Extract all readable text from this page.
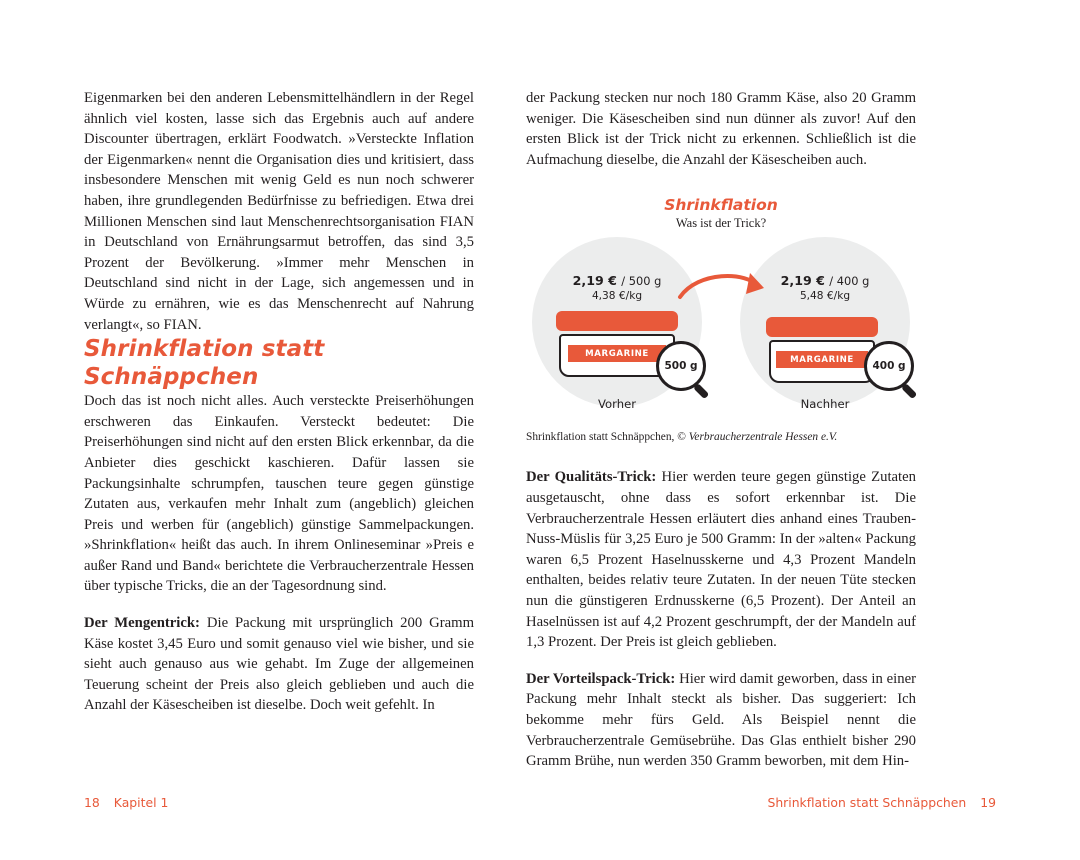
Eigenmarken bei den anderen Lebensmittelhändlern in der Regel ähnlich viel kosten, lasse sich das Ergebnis auch auf andere Discounter übertragen, erklärt Foodwatch. »Versteckte Inflation der Eigenmarken« nennt die Organisation dies und kritisiert, dass insbesondere Menschen mit wenig Geld es nun noch schwerer haben, ihre grundlegenden Bedürfnisse zu befriedigen. Etwa drei Millionen Menschen sind laut Menschenrechtsorganisation FIAN in Deutschland von Ernährungsarmut betroffen, das sind 3,5 Prozent der Bevölkerung. »Immer mehr Menschen in Deutschland sind nicht in der Lage, sich angemessen und in Würde zu ernähren, wie es das Menschenrecht auf Nahrung verlangt«, so FIAN.

Shrinkflation statt Schnäppchen

Doch das ist noch nicht alles. Auch versteckte Preiserhöhungen erschweren das Einkaufen. Versteckt bedeutet: Die Preiserhöhungen sind nicht auf den ersten Blick erkennbar, da die Anbieter dies geschickt kaschieren. Dafür lassen sie Packungsinhalte schrumpfen, tauschen teure gegen günstige Zutaten aus, verkaufen mehr Inhalt zum (angeblich) gleichen Preis und werben für (angeblich) günstige Sammelpackungen. »Shrinkflation« heißt das auch. In ihrem Onlineseminar »Preis e außer Rand und Band« berichtete die Verbraucherzentrale Hessen über typische Tricks, die an der Tagesordnung sind.

Der Mengentrick: Die Packung mit ursprünglich 200 Gramm Käse kostet 3,45 Euro und somit genauso viel wie bisher, und sie sieht auch genauso aus wie gehabt. Im Zuge der allgemeinen Teuerung scheint der Preis also gleich geblieben und auch die Anzahl der Käsescheiben ist dieselbe. Doch weit gefehlt. In

der Packung stecken nur noch 180 Gramm Käse, also 20 Gramm weniger. Die Käsescheiben sind nun dünner als zuvor! Auf den ersten Blick ist der Trick nicht zu erkennen. Schließlich ist die Aufmachung dieselbe, die Anzahl der Käsescheiben auch.

Shrinkflation

Was ist der Trick?

2,19 € / 500 g
4,38 €/kg
2,19 € / 400 g
5,48 €/kg
MARGARINE
MARGARINE
500 g	400 g
Vorher	Nachher
Shrinkflation statt Schnäppchen, © Verbraucherzentrale Hessen e.V.

Der Qualitäts-Trick: Hier werden teure gegen günstige Zutaten ausgetauscht, ohne dass es sofort erkennbar ist. Die Verbraucherzentrale Hessen erläutert dies anhand eines Trauben-Nuss-Müslis für 3,25 Euro je 500 Gramm: In der »alten« Packung waren 6,5 Prozent Haselnusskerne und 4,3 Prozent Mandeln enthalten, beides relativ teure Zutaten. In der neuen Tüte stecken nun die günstigeren Erdnusskerne (6,5 Prozent). Der Anteil an Haselnüssen ist auf 4,2 Prozent geschrumpft, der der Mandeln auf 1,3 Prozent. Der Preis ist gleich geblieben.

Der Vorteilspack-Trick: Hier wird damit geworben, dass in einer Packung mehr Inhalt steckt als bisher. Das suggeriert: Ich bekomme mehr fürs Geld. Als Beispiel nennt die Verbraucherzentrale Gemüsebrühe. Das Glas enthielt bisher 290 Gramm Brühe, nun werden 350 Gramm beworben, mit dem Hin-

18 Kapitel 1	Shrinkflation statt Schnäppchen 19
